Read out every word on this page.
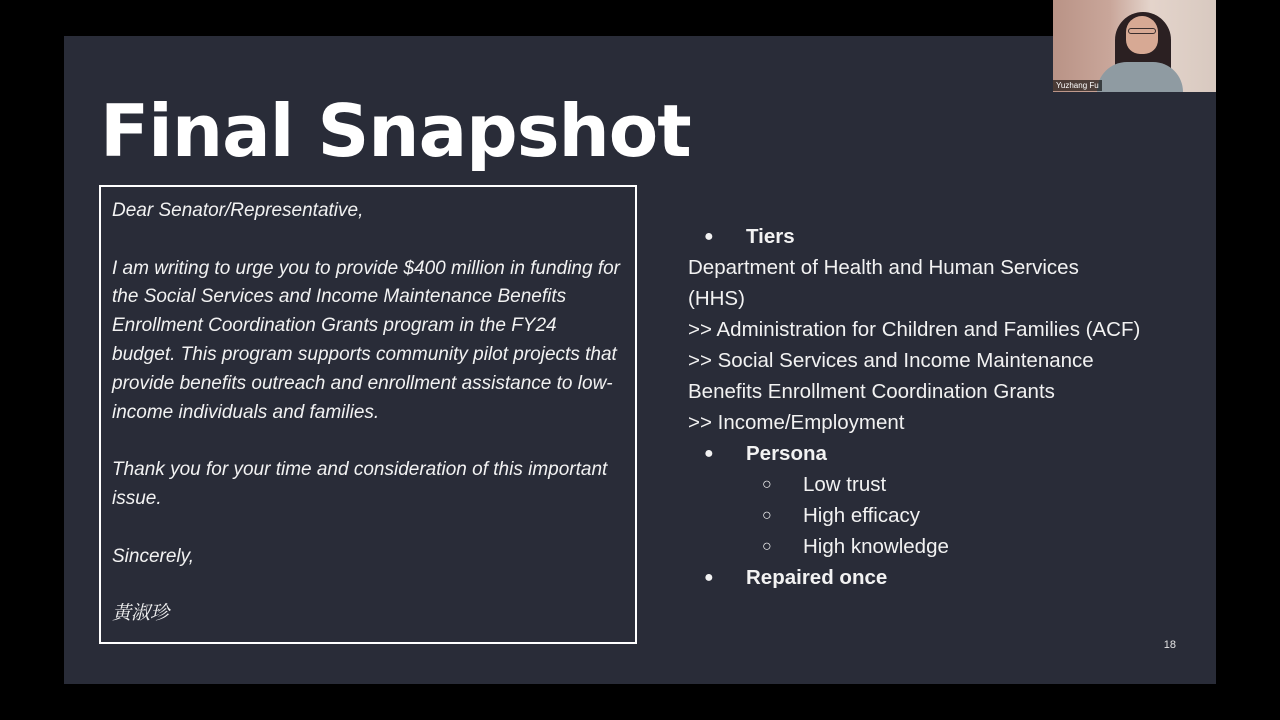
Final Snapshot

Dear Senator/Representative,

I am writing to urge you to provide $400 million in funding for the Social Services and Income Maintenance Benefits Enrollment Coordination Grants program in the FY24 budget. This program supports community pilot projects that provide benefits outreach and enrollment assistance to low-income individuals and families.

Thank you for your time and consideration of this important issue.

Sincerely,

黃淑珍

● Tiers
Department of Health and Human Services
(HHS)
>> Administration for Children and Families (ACF)
>> Social Services and Income Maintenance
Benefits Enrollment Coordination Grants
>> Income/Employment
● Persona
○ Low trust
○ High efficacy
○ High knowledge
● Repaired once
18
Yuzhang Fu
